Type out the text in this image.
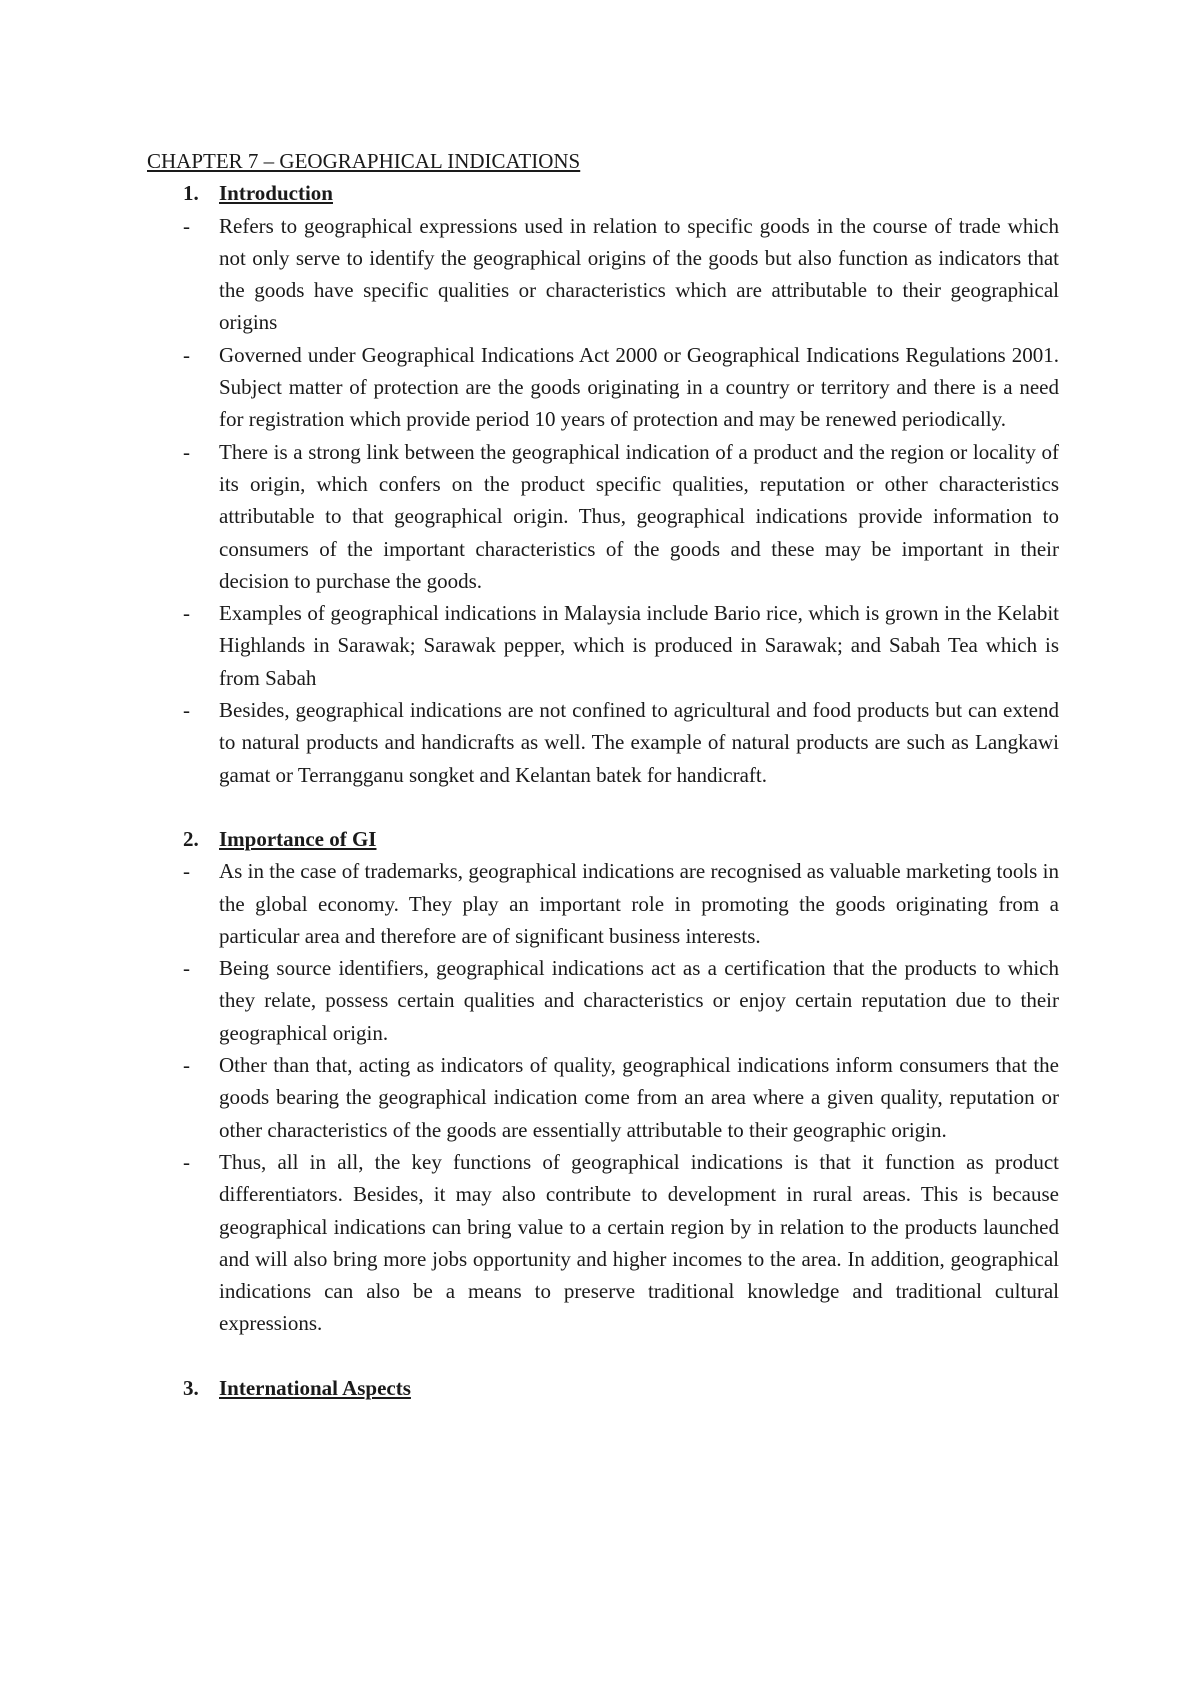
CHAPTER 7 – GEOGRAPHICAL INDICATIONS
1. Introduction
-	Refers to geographical expressions used in relation to specific goods in the course of trade which not only serve to identify the geographical origins of the goods but also function as indicators that the goods have specific qualities or characteristics which are attributable to their geographical origins
-	Governed under Geographical Indications Act 2000 or Geographical Indications Regulations 2001. Subject matter of protection are the goods originating in a country or territory and there is a need for registration which provide period 10 years of protection and may be renewed periodically.
-	There is a strong link between the geographical indication of a product and the region or locality of its origin, which confers on the product specific qualities, reputation or other characteristics attributable to that geographical origin. Thus, geographical indications provide information to consumers of the important characteristics of the goods and these may be important in their decision to purchase the goods.
-	Examples of geographical indications in Malaysia include Bario rice, which is grown in the Kelabit Highlands in Sarawak; Sarawak pepper, which is produced in Sarawak; and Sabah Tea which is from Sabah
-	Besides, geographical indications are not confined to agricultural and food products but can extend to natural products and handicrafts as well. The example of natural products are such as Langkawi gamat or Terrangganu songket and Kelantan batek for handicraft.
2. Importance of GI
-	As in the case of trademarks, geographical indications are recognised as valuable marketing tools in the global economy. They play an important role in promoting the goods originating from a particular area and therefore are of significant business interests.
-	Being source identifiers, geographical indications act as a certification that the products to which they relate, possess certain qualities and characteristics or enjoy certain reputation due to their geographical origin.
-	Other than that, acting as indicators of quality, geographical indications inform consumers that the goods bearing the geographical indication come from an area where a given quality, reputation or other characteristics of the goods are essentially attributable to their geographic origin.
-	Thus, all in all, the key functions of geographical indications is that it function as product differentiators. Besides, it may also contribute to development in rural areas. This is because geographical indications can bring value to a certain region by in relation to the products launched and will also bring more jobs opportunity and higher incomes to the area. In addition, geographical indications can also be a means to preserve traditional knowledge and traditional cultural expressions.
3. International Aspects
